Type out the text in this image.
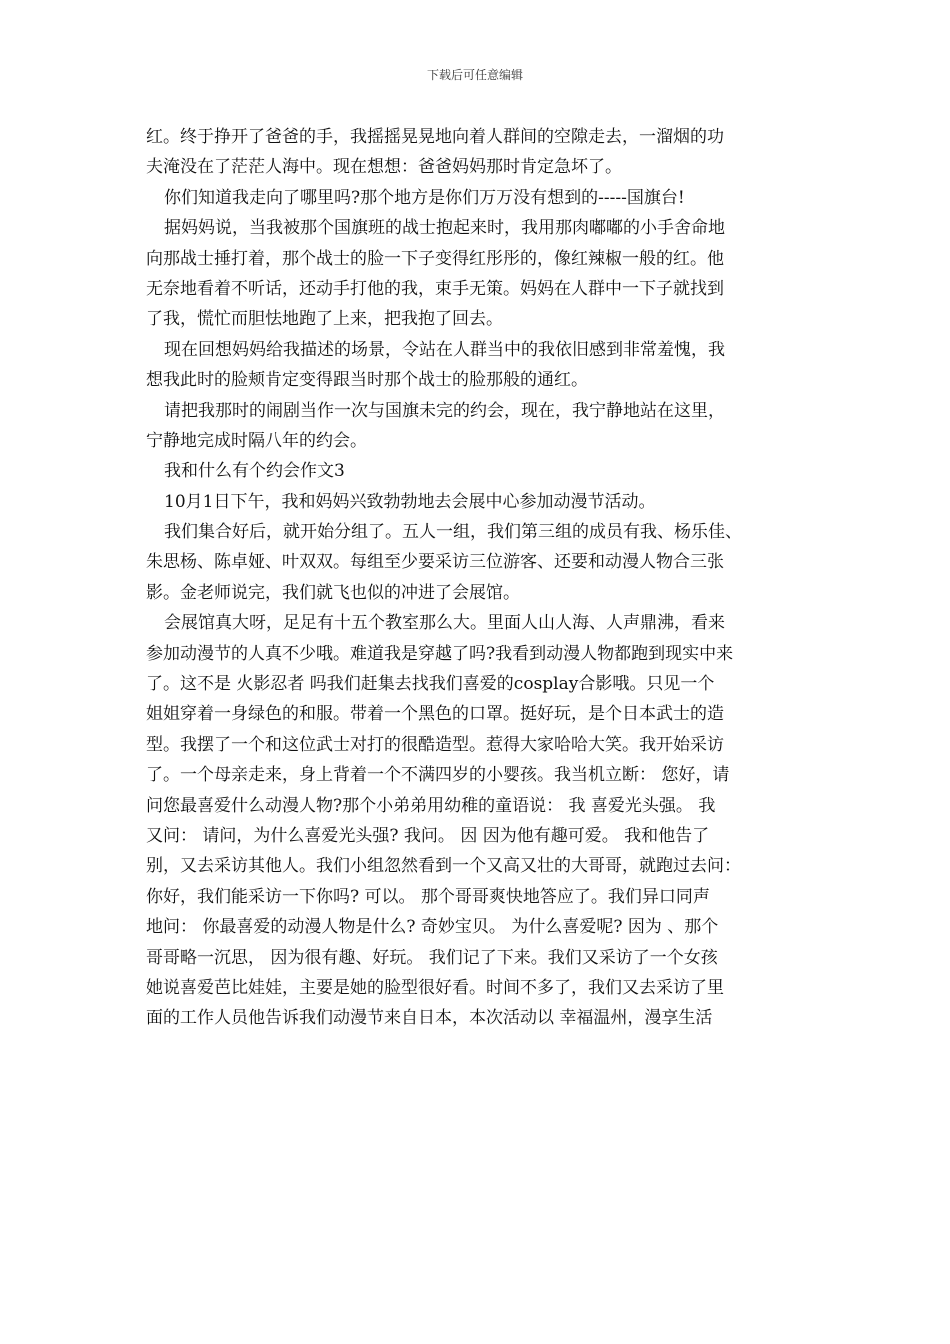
下载后可任意编辑
红。终于挣开了爸爸的手，我摇摇晃晃地向着人群间的空隙走去，一溜烟的功
夫淹没在了茫茫人海中。现在想想：爸爸妈妈那时肯定急坏了。
你们知道我走向了哪里吗?那个地方是你们万万没有想到的-----国旗台!
据妈妈说，当我被那个国旗班的战士抱起来时，我用那肉嘟嘟的小手舍命地
向那战士捶打着，那个战士的脸一下子变得红彤彤的，像红辣椒一般的红。他
无奈地看着不听话，还动手打他的我，束手无策。妈妈在人群中一下子就找到
了我，慌忙而胆怯地跑了上来，把我抱了回去。
现在回想妈妈给我描述的场景，令站在人群当中的我依旧感到非常羞愧，我
想我此时的脸颊肯定变得跟当时那个战士的脸那般的通红。
请把我那时的闹剧当作一次与国旗未完的约会，现在，我宁静地站在这里，
宁静地完成时隔八年的约会。
我和什么有个约会作文3
10月1日下午，我和妈妈兴致勃勃地去会展中心参加动漫节活动。
我们集合好后，就开始分组了。五人一组，我们第三组的成员有我、杨乐佳、
朱思杨、陈卓娅、叶双双。每组至少要采访三位游客、还要和动漫人物合三张
影。金老师说完，我们就飞也似的冲进了会展馆。
会展馆真大呀，足足有十五个教室那么大。里面人山人海、人声鼎沸，看来
参加动漫节的人真不少哦。难道我是穿越了吗?我看到动漫人物都跑到现实中来
了。这不是 火影忍者 吗我们赶集去找我们喜爱的cosplay合影哦。只见一个
姐姐穿着一身绿色的和服。带着一个黑色的口罩。挺好玩，是个日本武士的造
型。我摆了一个和这位武士对打的很酷造型。惹得大家哈哈大笑。我开始采访
了。一个母亲走来，身上背着一个不满四岁的小婴孩。我当机立断： 您好，请
问您最喜爱什么动漫人物?那个小弟弟用幼稚的童语说： 我 喜爱光头强。 我
又问： 请问，为什么喜爱光头强? 我问。 因 因为他有趣可爱。 我和他告了
别，又去采访其他人。我们小组忽然看到一个又高又壮的大哥哥，就跑过去问：
你好，我们能采访一下你吗? 可以。 那个哥哥爽快地答应了。我们异口同声
地问： 你最喜爱的动漫人物是什么? 奇妙宝贝。 为什么喜爱呢? 因为 、那个
哥哥略一沉思， 因为很有趣、好玩。 我们记了下来。我们又采访了一个女孩
她说喜爱芭比娃娃，主要是她的脸型很好看。时间不多了，我们又去采访了里
面的工作人员他告诉我们动漫节来自日本，本次活动以 幸福温州，漫享生活
